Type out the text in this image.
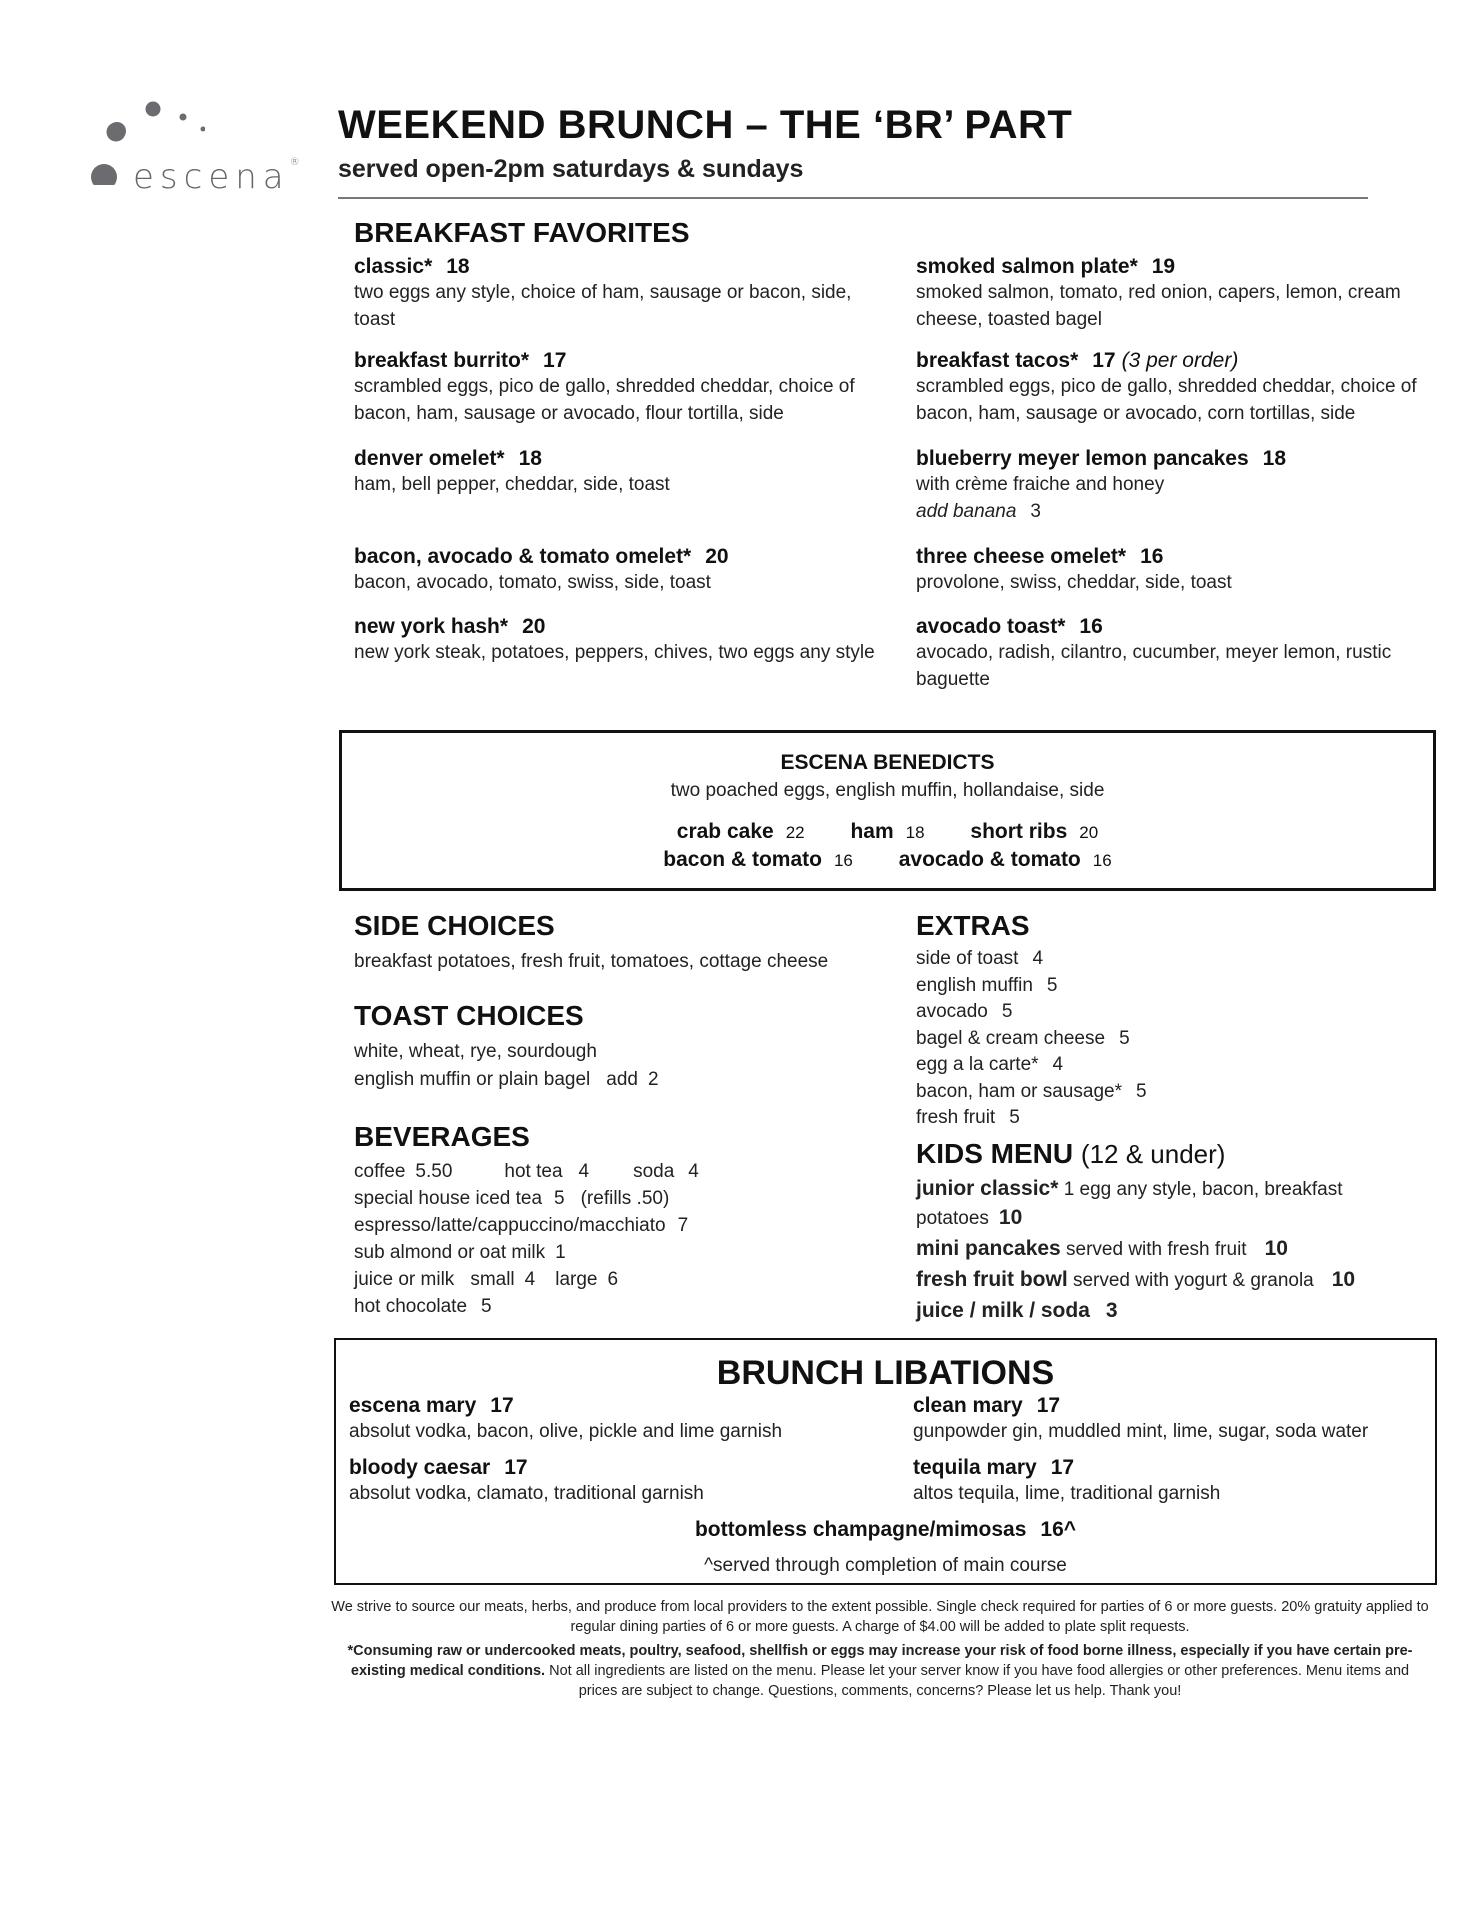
escena®
WEEKEND BRUNCH – THE ‘BR’ PART
served open-2pm saturdays & sundays
BREAKFAST FAVORITES
classic* 18
two eggs any style, choice of ham, sausage or bacon, side, toast
breakfast burrito* 17
scrambled eggs, pico de gallo, shredded cheddar, choice of bacon, ham, sausage or avocado, flour tortilla, side
denver omelet* 18
ham, bell pepper, cheddar, side, toast
bacon, avocado & tomato omelet* 20
bacon, avocado, tomato, swiss, side, toast
new york hash* 20
new york steak, potatoes, peppers, chives, two eggs any style
smoked salmon plate* 19
smoked salmon, tomato, red onion, capers, lemon, cream cheese, toasted bagel
breakfast tacos* 17 (3 per order)
scrambled eggs, pico de gallo, shredded cheddar, choice of bacon, ham, sausage or avocado, corn tortillas, side
blueberry meyer lemon pancakes 18
with crème fraiche and honey
add banana 3
three cheese omelet* 16
provolone, swiss, cheddar, side, toast
avocado toast* 16
avocado, radish, cilantro, cucumber, meyer lemon, rustic baguette
ESCENA BENEDICTS
two poached eggs, english muffin, hollandaise, side
crab cake 22 ham 18 short ribs 20
bacon & tomato 16 avocado & tomato 16
SIDE CHOICES
breakfast potatoes, fresh fruit, tomatoes, cottage cheese
TOAST CHOICES
white, wheat, rye, sourdough
english muffin or plain bagel add 2
BEVERAGES
coffee 5.50	hot tea 4 soda 4
special house iced tea 5 (refills .50)
espresso/latte/cappuccino/macchiato 7
sub almond or oat milk 1
juice or milk small 4 large 6
hot chocolate 5
EXTRAS
side of toast 4
english muffin 5
avocado 5
bagel & cream cheese 5
egg a la carte* 4
bacon, ham or sausage* 5
fresh fruit 5
KIDS MENU (12 & under)
junior classic* 1 egg any style, bacon, breakfast
potatoes 10
mini pancakes served with fresh fruit 10
fresh fruit bowl served with yogurt & granola 10
juice / milk / soda 3
BRUNCH LIBATIONS
escena mary 17
absolut vodka, bacon, olive, pickle and lime garnish
clean mary 17
gunpowder gin, muddled mint, lime, sugar, soda water
bloody caesar 17
absolut vodka, clamato, traditional garnish
tequila mary 17
altos tequila, lime, traditional garnish
bottomless champagne/mimosas 16^
^served through completion of main course
We strive to source our meats, herbs, and produce from local providers to the extent possible. Single check required for parties of 6 or more guests. 20% gratuity applied to regular dining parties of 6 or more guests. A charge of $4.00 will be added to plate split requests.
*Consuming raw or undercooked meats, poultry, seafood, shellfish or eggs may increase your risk of food borne illness, especially if you have certain pre-existing medical conditions. Not all ingredients are listed on the menu. Please let your server know if you have food allergies or other preferences. Menu items and prices are subject to change. Questions, comments, concerns? Please let us help. Thank you!
